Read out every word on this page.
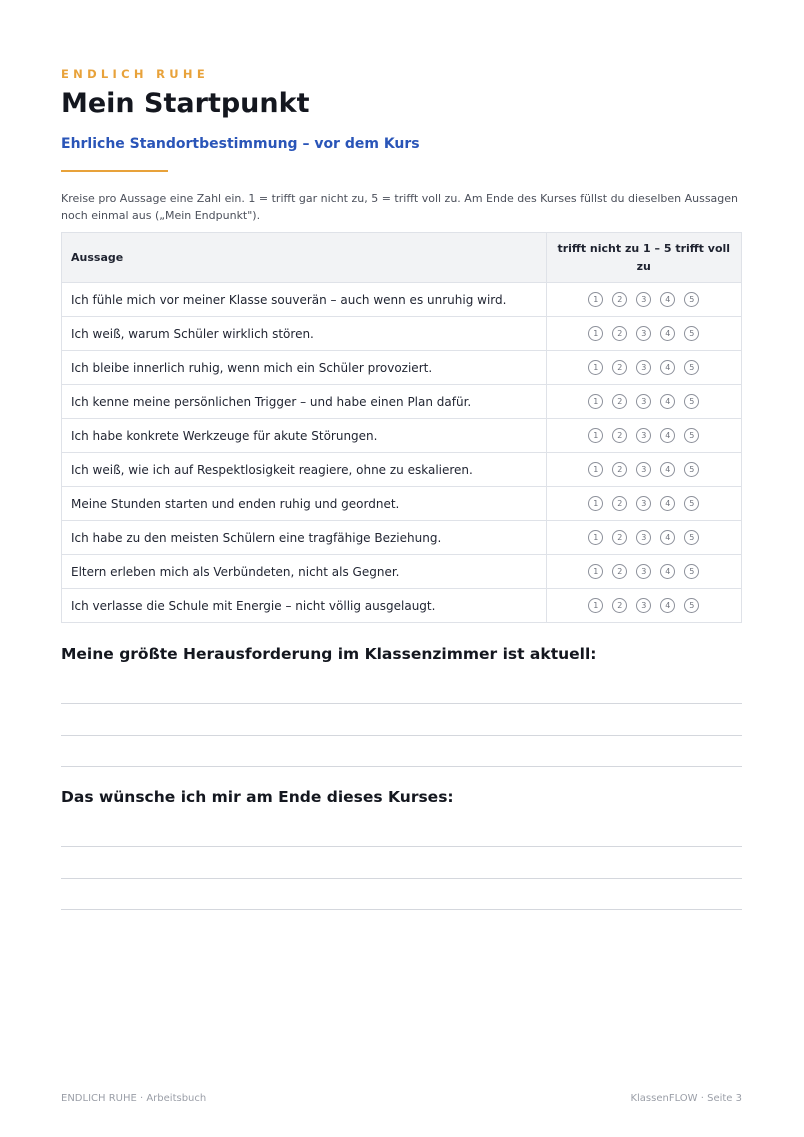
ENDLICH RUHE
Mein Startpunkt
Ehrliche Standortbestimmung – vor dem Kurs
Kreise pro Aussage eine Zahl ein. 1 = trifft gar nicht zu, 5 = trifft voll zu. Am Ende des Kurses füllst du dieselben Aussagen noch einmal aus („Mein Endpunkt").
Aussage	trifft nicht zu 1 – 5 trifft voll zu
Ich fühle mich vor meiner Klasse souverän – auch wenn es unruhig wird.	1 2 3 4 5
Ich weiß, warum Schüler wirklich stören.	1 2 3 4 5
Ich bleibe innerlich ruhig, wenn mich ein Schüler provoziert.	1 2 3 4 5
Ich kenne meine persönlichen Trigger – und habe einen Plan dafür.	1 2 3 4 5
Ich habe konkrete Werkzeuge für akute Störungen.	1 2 3 4 5
Ich weiß, wie ich auf Respektlosigkeit reagiere, ohne zu eskalieren.	1 2 3 4 5
Meine Stunden starten und enden ruhig und geordnet.	1 2 3 4 5
Ich habe zu den meisten Schülern eine tragfähige Beziehung.	1 2 3 4 5
Eltern erleben mich als Verbündeten, nicht als Gegner.	1 2 3 4 5
Ich verlasse die Schule mit Energie – nicht völlig ausgelaugt.	1 2 3 4 5
Meine größte Herausforderung im Klassenzimmer ist aktuell:
Das wünsche ich mir am Ende dieses Kurses:
ENDLICH RUHE · Arbeitsbuch	KlassenFLOW · Seite 3
